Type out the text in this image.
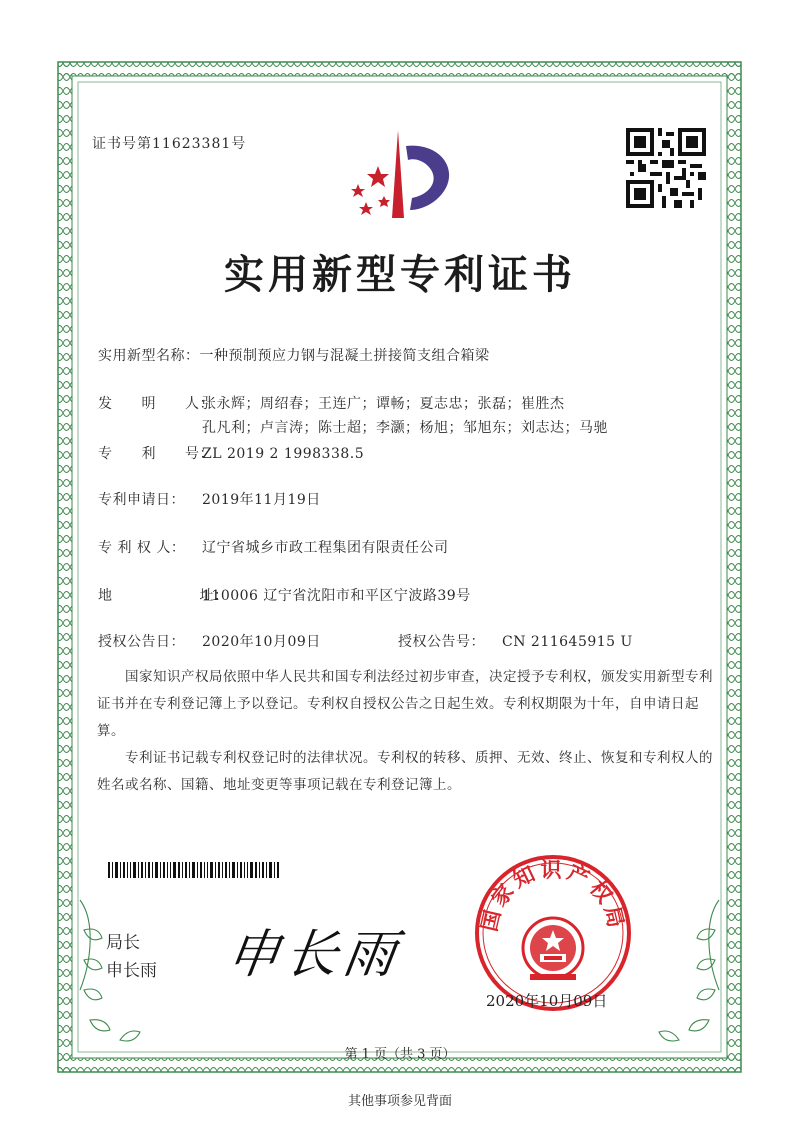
证书号第11623381号
实用新型专利证书
实用新型名称：一种预制预应力钢与混凝土拼接简支组合箱梁
发　　明　　人：张永辉；周绍春；王连广；谭畅；夏志忠；张磊；崔胜杰
孔凡利；卢言涛；陈士超；李灏；杨旭；邹旭东；刘志达；马驰
专　　利　　号：ZL 2019 2 1998338.5
专利申请日： 2019年11月19日
专 利 权 人： 辽宁省城乡市政工程集团有限责任公司
地　　　　　　址：110006 辽宁省沈阳市和平区宁波路39号
授权公告日： 2020年10月09日	授权公告号： CN 211645915 U
国家知识产权局依照中华人民共和国专利法经过初步审查，决定授予专利权，颁发实用新型专利证书并在专利登记簿上予以登记。专利权自授权公告之日起生效。专利权期限为十年，自申请日起算。
专利证书记载专利权登记时的法律状况。专利权的转移、质押、无效、终止、恢复和专利权人的姓名或名称、国籍、地址变更等事项记载在专利登记簿上。
局长
申长雨 申长雨
国家知识产权局
2020年10月09日
第 1 页（共 3 页）
其他事项参见背面
